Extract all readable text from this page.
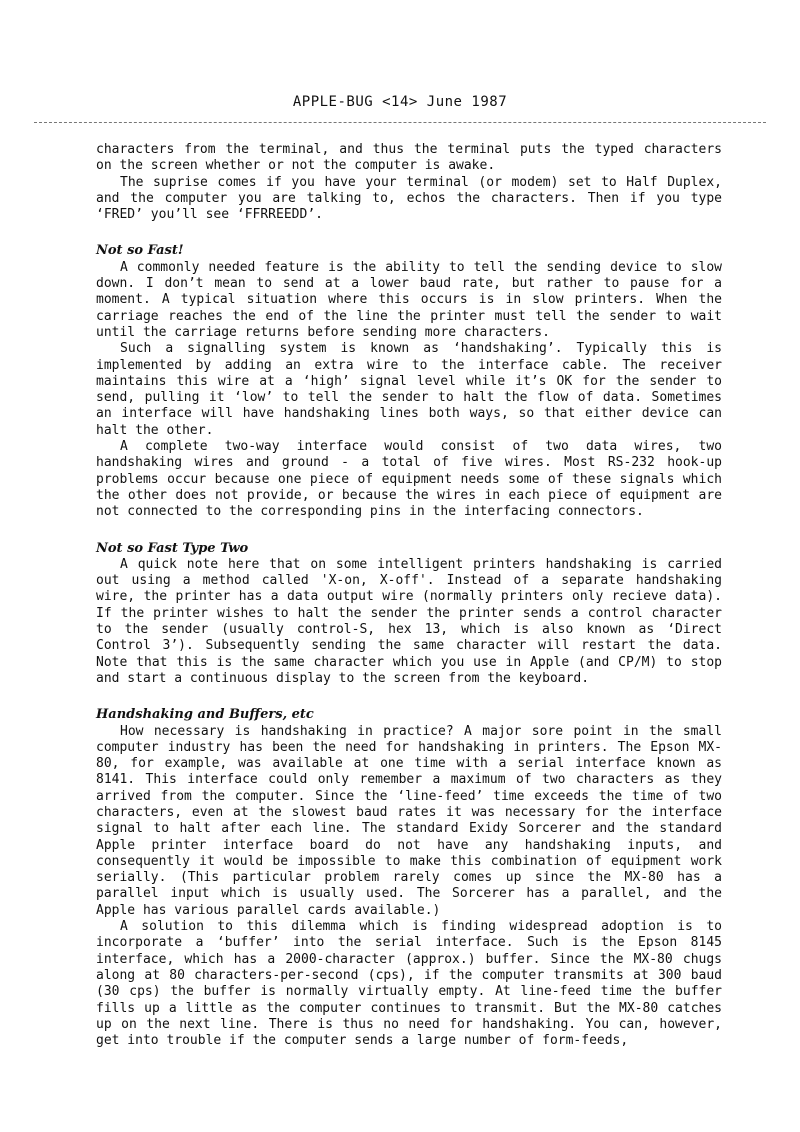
APPLE-BUG <14> June 1987

characters from the terminal, and thus the terminal puts the typed characters on the screen whether or not the computer is awake.

The suprise comes if you have your terminal (or modem) set to Half Duplex, and the computer you are talking to, echos the characters. Then if you type ‘FRED’ you’ll see ‘FFRREEDD’.

Not so Fast!

A commonly needed feature is the ability to tell the sending device to slow down. I don’t mean to send at a lower baud rate, but rather to pause for a moment. A typical situation where this occurs is in slow printers. When the carriage reaches the end of the line the printer must tell the sender to wait until the carriage returns before sending more characters.

Such a signalling system is known as ‘handshaking’. Typically this is implemented by adding an extra wire to the interface cable. The receiver maintains this wire at a ‘high’ signal level while it’s OK for the sender to send, pulling it ‘low’ to tell the sender to halt the flow of data. Sometimes an interface will have handshaking lines both ways, so that either device can halt the other.

A complete two-way interface would consist of two data wires, two handshaking wires and ground - a total of five wires. Most RS-232 hook-up problems occur because one piece of equipment needs some of these signals which the other does not provide, or because the wires in each piece of equipment are not connected to the corresponding pins in the interfacing connectors.

Not so Fast Type Two

A quick note here that on some intelligent printers handshaking is carried out using a method called 'X-on, X-off'. Instead of a separate handshaking wire, the printer has a data output wire (normally printers only recieve data). If the printer wishes to halt the sender the printer sends a control character to the sender (usually control-S, hex 13, which is also known as ‘Direct Control 3’). Subsequently sending the same character will restart the data. Note that this is the same character which you use in Apple (and CP/M) to stop and start a continuous display to the screen from the keyboard.

Handshaking and Buffers, etc

How necessary is handshaking in practice? A major sore point in the small computer industry has been the need for handshaking in printers. The Epson MX-80, for example, was available at one time with a serial interface known as 8141. This interface could only remember a maximum of two characters as they arrived from the computer. Since the ‘line-feed’ time exceeds the time of two characters, even at the slowest baud rates it was necessary for the interface signal to halt after each line. The standard Exidy Sorcerer and the standard Apple printer interface board do not have any handshaking inputs, and consequently it would be impossible to make this combination of equipment work serially. (This particular problem rarely comes up since the MX-80 has a parallel input which is usually used. The Sorcerer has a parallel, and the Apple has various parallel cards available.)

A solution to this dilemma which is finding widespread adoption is to incorporate a ‘buffer’ into the serial interface. Such is the Epson 8145 interface, which has a 2000-character (approx.) buffer. Since the MX-80 chugs along at 80 characters-per-second (cps), if the computer transmits at 300 baud (30 cps) the buffer is normally virtually empty. At line-feed time the buffer fills up a little as the computer continues to transmit. But the MX-80 catches up on the next line. There is thus no need for handshaking. You can, however, get into trouble if the computer sends a large number of form-feeds,
